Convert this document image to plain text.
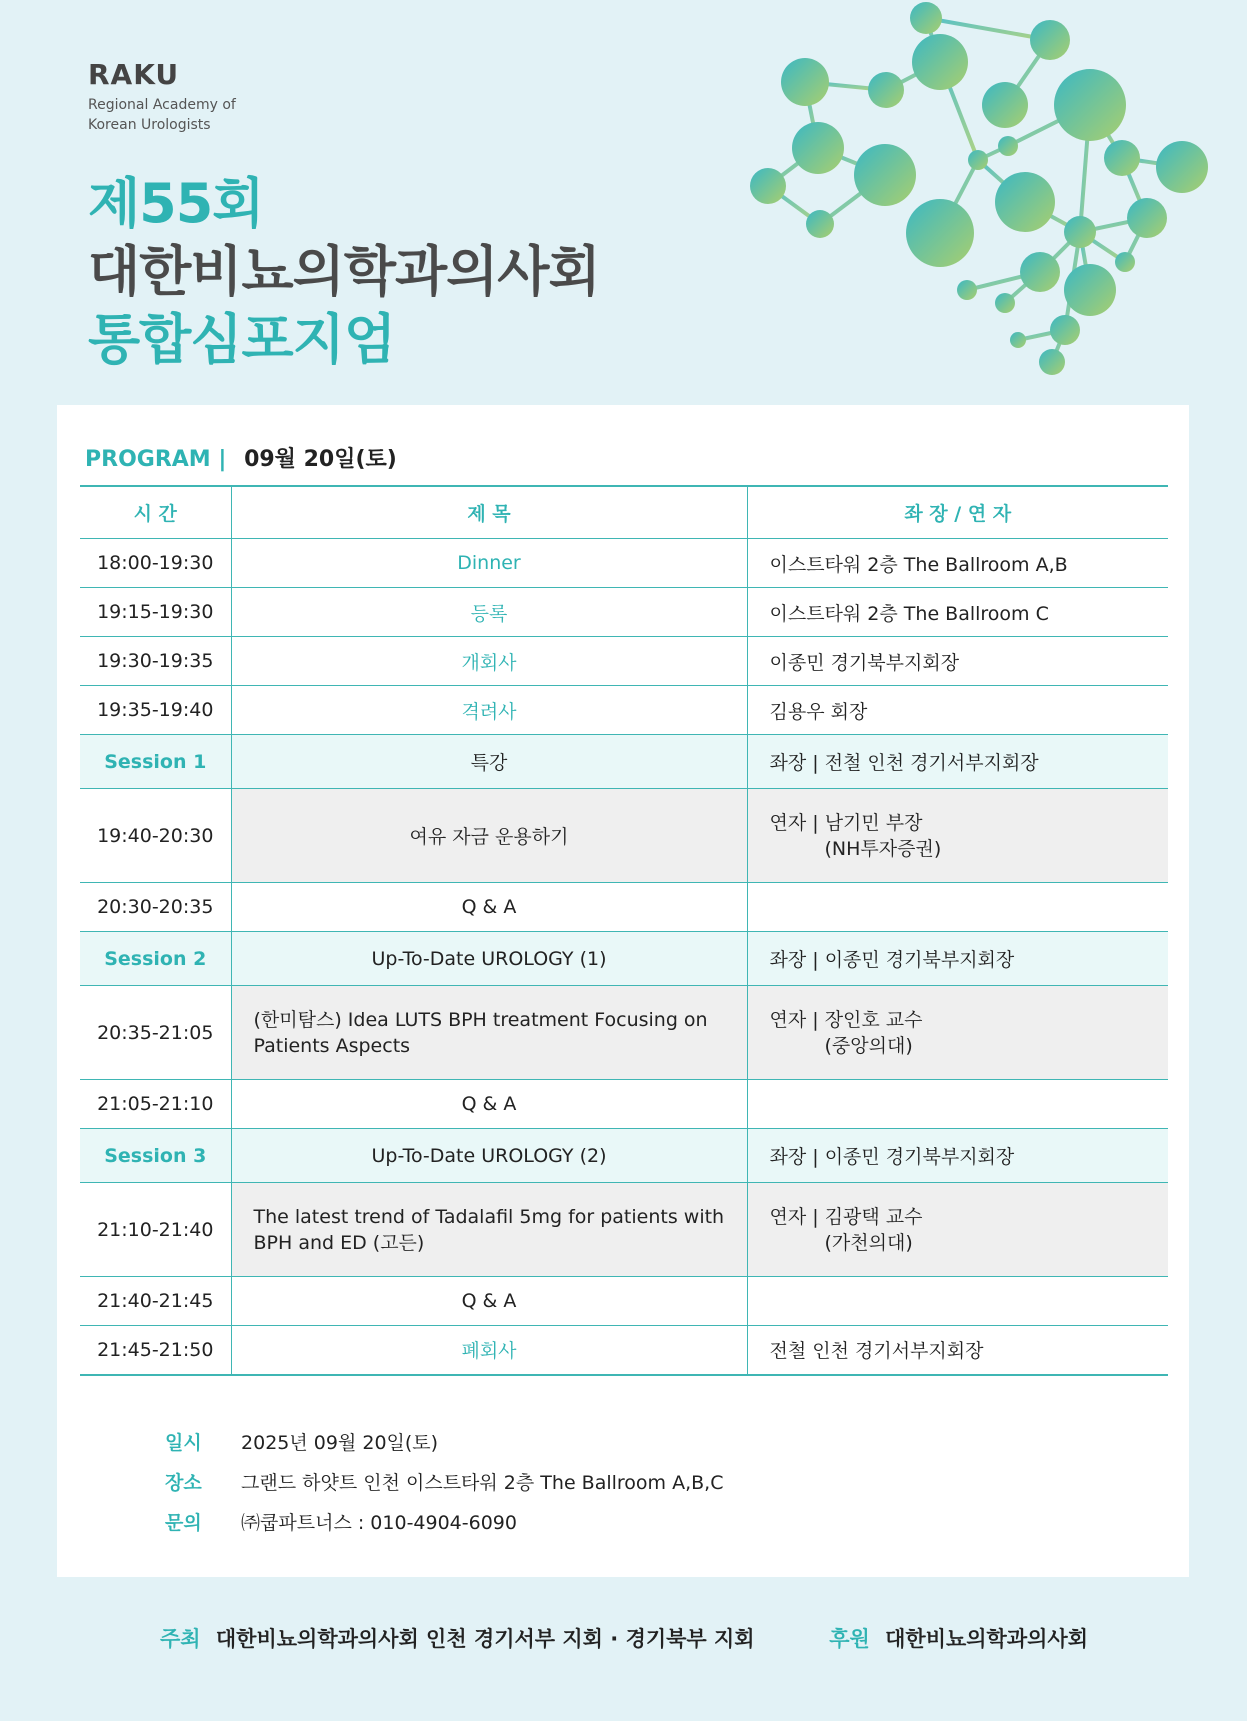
RAKU
Regional Academy of
Korean Urologists
제55회
대한비뇨의학과의사회
통합심포지엄
PROGRAM | 09월 20일(토)
시 간	제 목	좌 장 / 연 자
18:00-19:30	Dinner	이스트타워 2층 The Ballroom A,B
19:15-19:30	등록	이스트타워 2층 The Ballroom C
19:30-19:35	개회사	이종민 경기북부지회장
19:35-19:40	격려사	김용우 회장
Session 1	특강	좌장 | 전철 인천 경기서부지회장
19:40-20:30	여유 자금 운용하기	연자 | 남기민 부장
(NH투자증권)

20:30-20:35	Q & A	
Session 2	Up-To-Date UROLOGY (1)	좌장 | 이종민 경기북부지회장
20:35-21:05	(한미탐스) Idea LUTS BPH treatment Focusing on Patients Aspects	연자 | 장인호 교수
(중앙의대)

21:05-21:10	Q & A	
Session 3	Up-To-Date UROLOGY (2)	좌장 | 이종민 경기북부지회장
21:10-21:40	The latest trend of Tadalafil 5mg for patients with BPH and ED (고든)	연자 | 김광택 교수
(가천의대)

21:40-21:45	Q & A	
21:45-21:50	폐회사	전철 인천 경기서부지회장
일시 2025년 09월 20일(토)
장소 그랜드 하얏트 인천 이스트타워 2층 The Ballroom A,B,C
문의 ㈜쿱파트너스 : 010-4904-6090
주최 대한비뇨의학과의사회 인천 경기서부 지회 · 경기북부 지회	후원 대한비뇨의학과의사회
